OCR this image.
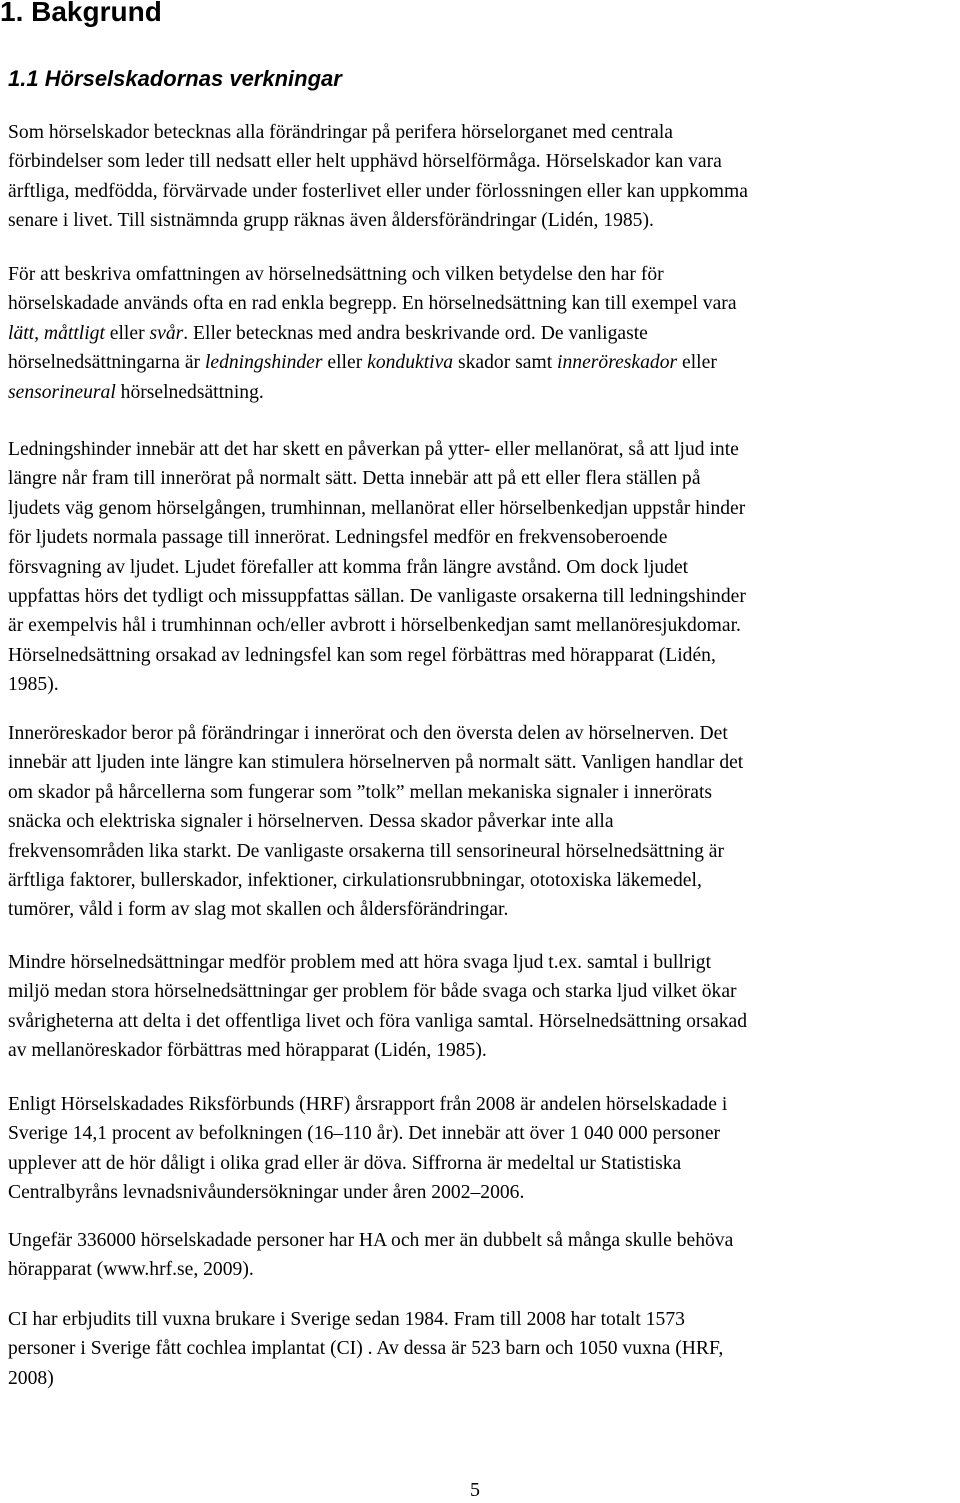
1. Bakgrund
1.1 Hörselskadornas verkningar
Som hörselskador betecknas alla förändringar på perifera hörselorganet med centrala
förbindelser som leder till nedsatt eller helt upphävd hörselförmåga. Hörselskador kan vara
ärftliga, medfödda, förvärvade under fosterlivet eller under förlossningen eller kan uppkomma
senare i livet. Till sistnämnda grupp räknas även åldersförändringar (Lidén, 1985).
För att beskriva omfattningen av hörselnedsättning och vilken betydelse den har för
hörselskadade används ofta en rad enkla begrepp. En hörselnedsättning kan till exempel vara
lätt, måttligt eller svår. Eller betecknas med andra beskrivande ord. De vanligaste
hörselnedsättningarna är ledningshinder eller konduktiva skador samt inneröreskador eller
sensorineural hörselnedsättning.
Ledningshinder innebär att det har skett en påverkan på ytter- eller mellanörat, så att ljud inte
längre når fram till innerörat på normalt sätt. Detta innebär att på ett eller flera ställen på
ljudets väg genom hörselgången, trumhinnan, mellanörat eller hörselbenkedjan uppstår hinder
för ljudets normala passage till innerörat. Ledningsfel medför en frekvensoberoende
försvagning av ljudet. Ljudet förefaller att komma från längre avstånd. Om dock ljudet
uppfattas hörs det tydligt och missuppfattas sällan. De vanligaste orsakerna till ledningshinder
är exempelvis hål i trumhinnan och/eller avbrott i hörselbenkedjan samt mellanöresjukdomar.
Hörselnedsättning orsakad av ledningsfel kan som regel förbättras med hörapparat (Lidén,
1985).
Inneröreskador beror på förändringar i innerörat och den översta delen av hörselnerven. Det
innebär att ljuden inte längre kan stimulera hörselnerven på normalt sätt. Vanligen handlar det
om skador på hårcellerna som fungerar som ”tolk” mellan mekaniska signaler i innerörats
snäcka och elektriska signaler i hörselnerven. Dessa skador påverkar inte alla
frekvensområden lika starkt. De vanligaste orsakerna till sensorineural hörselnedsättning är
ärftliga faktorer, bullerskador, infektioner, cirkulationsrubbningar, ototoxiska läkemedel,
tumörer, våld i form av slag mot skallen och åldersförändringar.
Mindre hörselnedsättningar medför problem med att höra svaga ljud t.ex. samtal i bullrigt
miljö medan stora hörselnedsättningar ger problem för både svaga och starka ljud vilket ökar
svårigheterna att delta i det offentliga livet och föra vanliga samtal. Hörselnedsättning orsakad
av mellanöreskador förbättras med hörapparat (Lidén, 1985).
Enligt Hörselskadades Riksförbunds (HRF) årsrapport från 2008 är andelen hörselskadade i
Sverige 14,1 procent av befolkningen (16–110 år). Det innebär att över 1 040 000 personer
upplever att de hör dåligt i olika grad eller är döva. Siffrorna är medeltal ur Statistiska
Centralbyråns levnadsnivåundersökningar under åren 2002–2006.
Ungefär 336000 hörselskadade personer har HA och mer än dubbelt så många skulle behöva
hörapparat (www.hrf.se, 2009).
CI har erbjudits till vuxna brukare i Sverige sedan 1984. Fram till 2008 har totalt 1573
personer i Sverige fått cochlea implantat (CI) . Av dessa är 523 barn och 1050 vuxna (HRF,
2008)
5
